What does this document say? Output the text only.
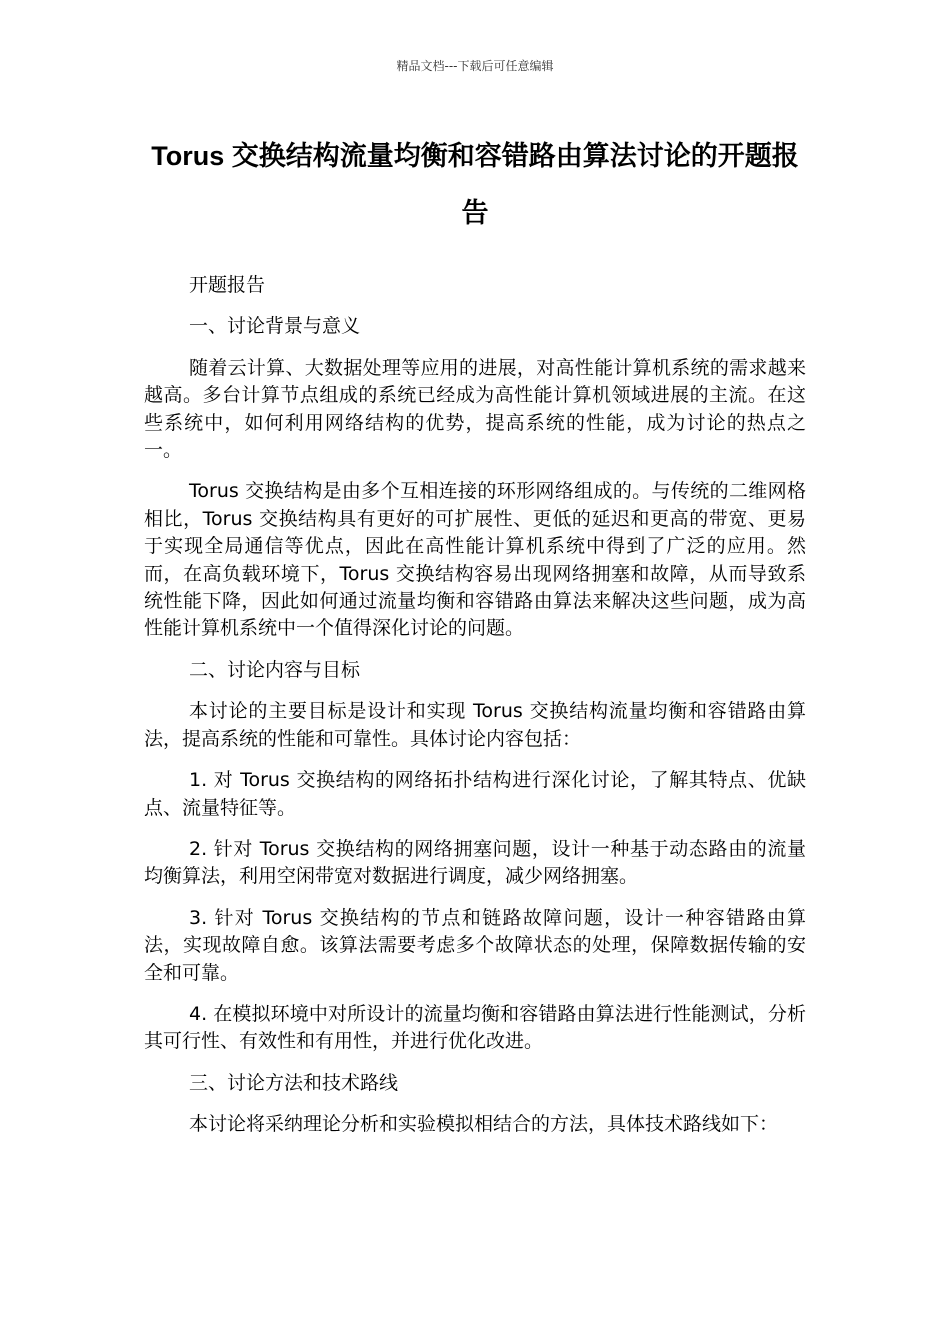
精品文档---下载后可任意编辑
Torus 交换结构流量均衡和容错路由算法讨论的开题报告

开题报告

一、讨论背景与意义

随着云计算、大数据处理等应用的进展，对高性能计算机系统的需求越来越高。多台计算节点组成的系统已经成为高性能计算机领域进展的主流。在这些系统中，如何利用网络结构的优势，提高系统的性能，成为讨论的热点之一。

Torus 交换结构是由多个互相连接的环形网络组成的。与传统的二维网格相比，Torus 交换结构具有更好的可扩展性、更低的延迟和更高的带宽、更易于实现全局通信等优点，因此在高性能计算机系统中得到了广泛的应用。然而，在高负载环境下，Torus 交换结构容易出现网络拥塞和故障，从而导致系统性能下降，因此如何通过流量均衡和容错路由算法来解决这些问题，成为高性能计算机系统中一个值得深化讨论的问题。

二、讨论内容与目标

本讨论的主要目标是设计和实现 Torus 交换结构流量均衡和容错路由算法，提高系统的性能和可靠性。具体讨论内容包括：

1. 对 Torus 交换结构的网络拓扑结构进行深化讨论，了解其特点、优缺点、流量特征等。

2. 针对 Torus 交换结构的网络拥塞问题，设计一种基于动态路由的流量均衡算法，利用空闲带宽对数据进行调度，减少网络拥塞。

3. 针对 Torus 交换结构的节点和链路故障问题，设计一种容错路由算法，实现故障自愈。该算法需要考虑多个故障状态的处理，保障数据传输的安全和可靠。

4. 在模拟环境中对所设计的流量均衡和容错路由算法进行性能测试，分析其可行性、有效性和有用性，并进行优化改进。

三、讨论方法和技术路线

本讨论将采纳理论分析和实验模拟相结合的方法，具体技术路线如下：
